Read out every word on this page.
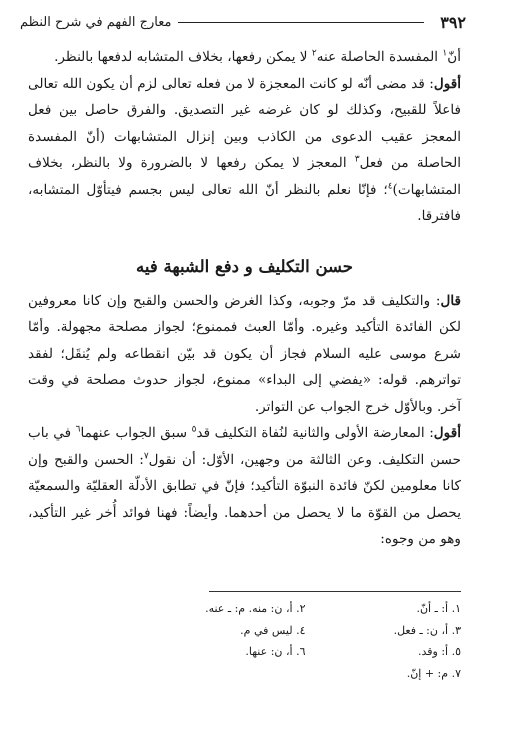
٣٩٢
معارج الفهم في شرح النظم

أنّ$^١$ المفسدة الحاصلة عنه$^٢$ لا يمكن رفعها، بخلاف المتشابه لدفعها بالنظر.

أقول: قد مضى أنّه لو كانت المعجزة لا من فعله تعالى لزم أن يكون الله تعالى فاعلاً للقبيح، وكذلك لو كان غرضه غير التصديق. والفرق حاصل بين فعل المعجز عقيب الدعوى من الكاذب وبين إنزال المتشابهات (أنّ المفسدة الحاصلة من فعل$^٣$ المعجز لا يمكن رفعها لا بالضرورة ولا بالنظر، بخلاف المتشابهات)$^٤$؛ فإنّا نعلم بالنظر أنّ الله تعالى ليس بجسم فيتأوّل المتشابه، فافترقا.

حسن التكليف و دفع الشبهة فيه

قال: والتكليف قد مرّ وجوبه، وكذا الغرض والحسن والقبح وإن كانا معروفين لكن الفائدة التأكيد وغيره. وأمّا العبث فممنوع؛ لجواز مصلحة مجهولة. وأمّا شرع موسى عليه السلام فجاز أن يكون قد بيّن انقطاعه ولم يُنقَل؛ لفقد تواترهم. قوله: «يفضي إلى البداء» ممنوع، لجواز حدوث مصلحة في وقت آخر. وبالأوّل خرج الجواب عن التواتر.

أقول: المعارضة الأولى والثانية لنُفاة التكليف قد$^٥$ سبق الجواب عنهما$^٦$ في باب حسن التكليف. وعن الثالثة من وجهين، الأوّل: أن نقول$^٧$: الحسن والقبح وإن كانا معلومين لكنّ فائدة النبوّة التأكيد؛ فإنّ في تطابق الأدلّة العقليّة والسمعيّة يحصل من القوّة ما لا يحصل من أحدهما. وأيضاً: فهنا فوائد أُخر غير التأكيد، وهو من وجوه:

١. أ: ـ أنّ.
٢. أ، ن: منه. م: ـ عنه.
٣. أ، ن: ـ فعل.
٤. ليس في م.
٥. أ: وقد.
٦. أ، ن: عنها.
٧. م: + إنّ.
